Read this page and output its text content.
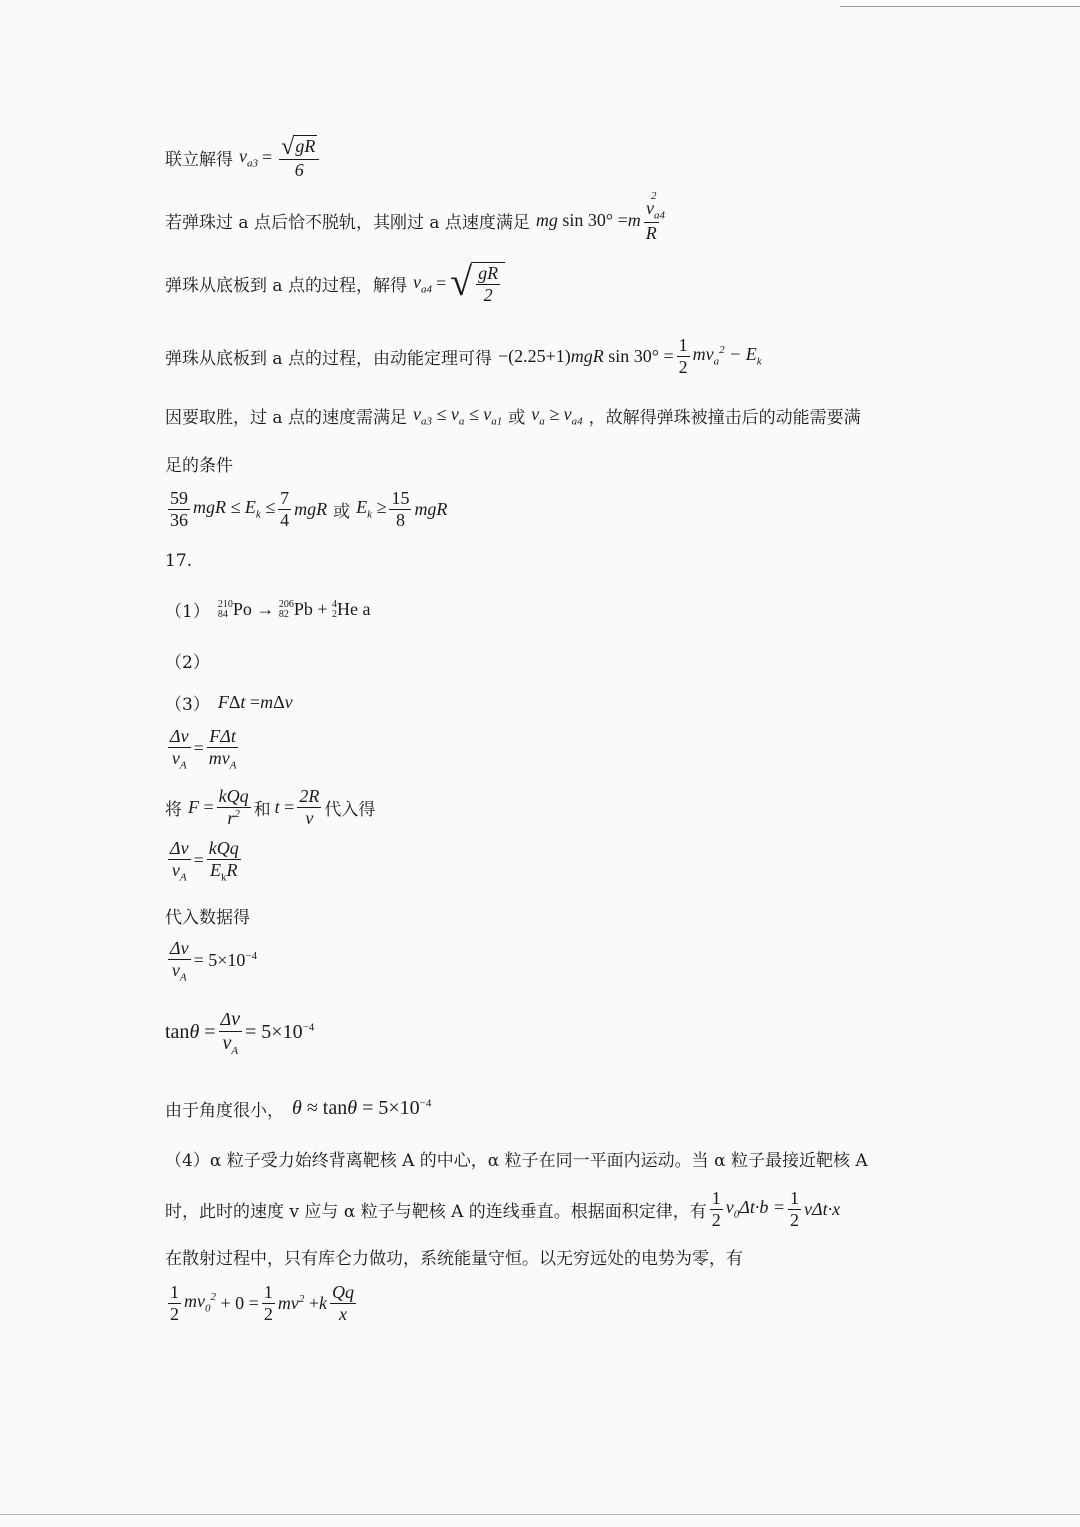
联立解得 $v_{a3} = \frac{√ gR}{6}$
若弹珠过 a 点后恰不脱轨，其刚过 a 点速度满足 mg sin 30° = m $\frac{v_{a4}^2}{R}$
弹珠从底板到 a 点的过程，解得 $v_{a4}$ = √ $\frac{gR}{2}$
弹珠从底板到 a 点的过程，由动能定理可得 −(2.25+1) mgR $\sin 30^\circ = \frac{1}{2} mv_a^2 - E_k$
因要取胜，过 a 点的速度需满足 $v_{a3} \le v_a \le v_{a1}$ 或 $v_a \ge v_{a4}$ ，故解得弹珠被撞击后的动能需要满
足的条件
$\frac{59}{36}$ mgR ≤ $E_k \le \frac{7}{4}$ mgR 或 $E_k \ge \frac{15}{8}$ mgR
17.
（1） 210
84 Po → 206
82 Pb + 4
2 He a
（2）
（3） F Δ t = m Δ v
$\frac{\Delta v}{v_A} = \frac{\text{FΔt}}{mv_A}$
将 $F = \frac{\text{kQq}}{r^2}$ 和 $t = \frac{2R}{v}$ 代入得
$\frac{\Delta v}{v_A} = \frac{\text{kQq}}{E_kR}$
代入数据得
$\frac{\Delta v}{v_A} = 5\times 10^{-4}$
$\tan \theta = \frac{\Delta v}{v_A} = 5\times 10^{-4}$
由于角度很小， $\theta \approx \tan \theta = 5\times 10^{-4}$
（4）α 粒子受力始终背离靶核 A 的中心，α 粒子在同一平面内运动。当 α 粒子最接近靶核 A
时，此时的速度 v 应与 α 粒子与靶核 A 的连线垂直。根据面积定律，有 $\frac{1}{2} v_0\Delta t\cdot b = \frac{1}{2} v\Delta t\cdot x$
在散射过程中，只有库仑力做功，系统能量守恒。以无穷远处的电势为零，有
$\frac{1}{2} mv_0^2 + 0 = \frac{1}{2} mv^2 + k \frac{Qq}{x}$
